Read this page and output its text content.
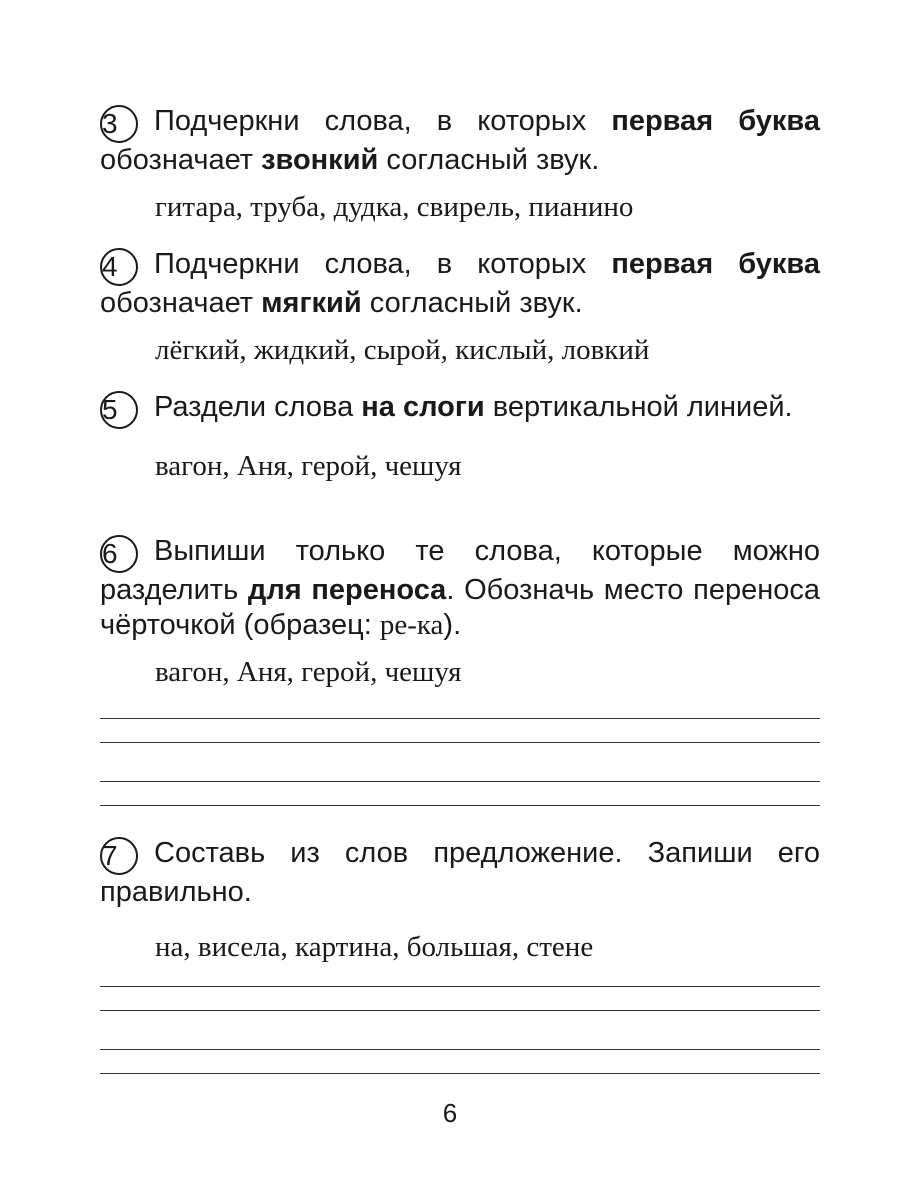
3 Подчеркни слова, в которых первая буква обозначает звонкий согласный звук.

гитара, труба, дудка, свирель, пианино

4 Подчеркни слова, в которых первая буква обозначает мягкий согласный звук.

лёгкий, жидкий, сырой, кислый, ловкий

5 Раздели слова на слоги вертикальной линией.

вагон, Аня, герой, чешуя

6 Выпиши только те слова, которые можно разделить для переноса. Обозначь место переноса чёрточкой (образец: ре-ка).

вагон, Аня, герой, чешуя

7 Составь из слов предложение. Запиши его правильно.

на, висела, картина, большая, стене

6
